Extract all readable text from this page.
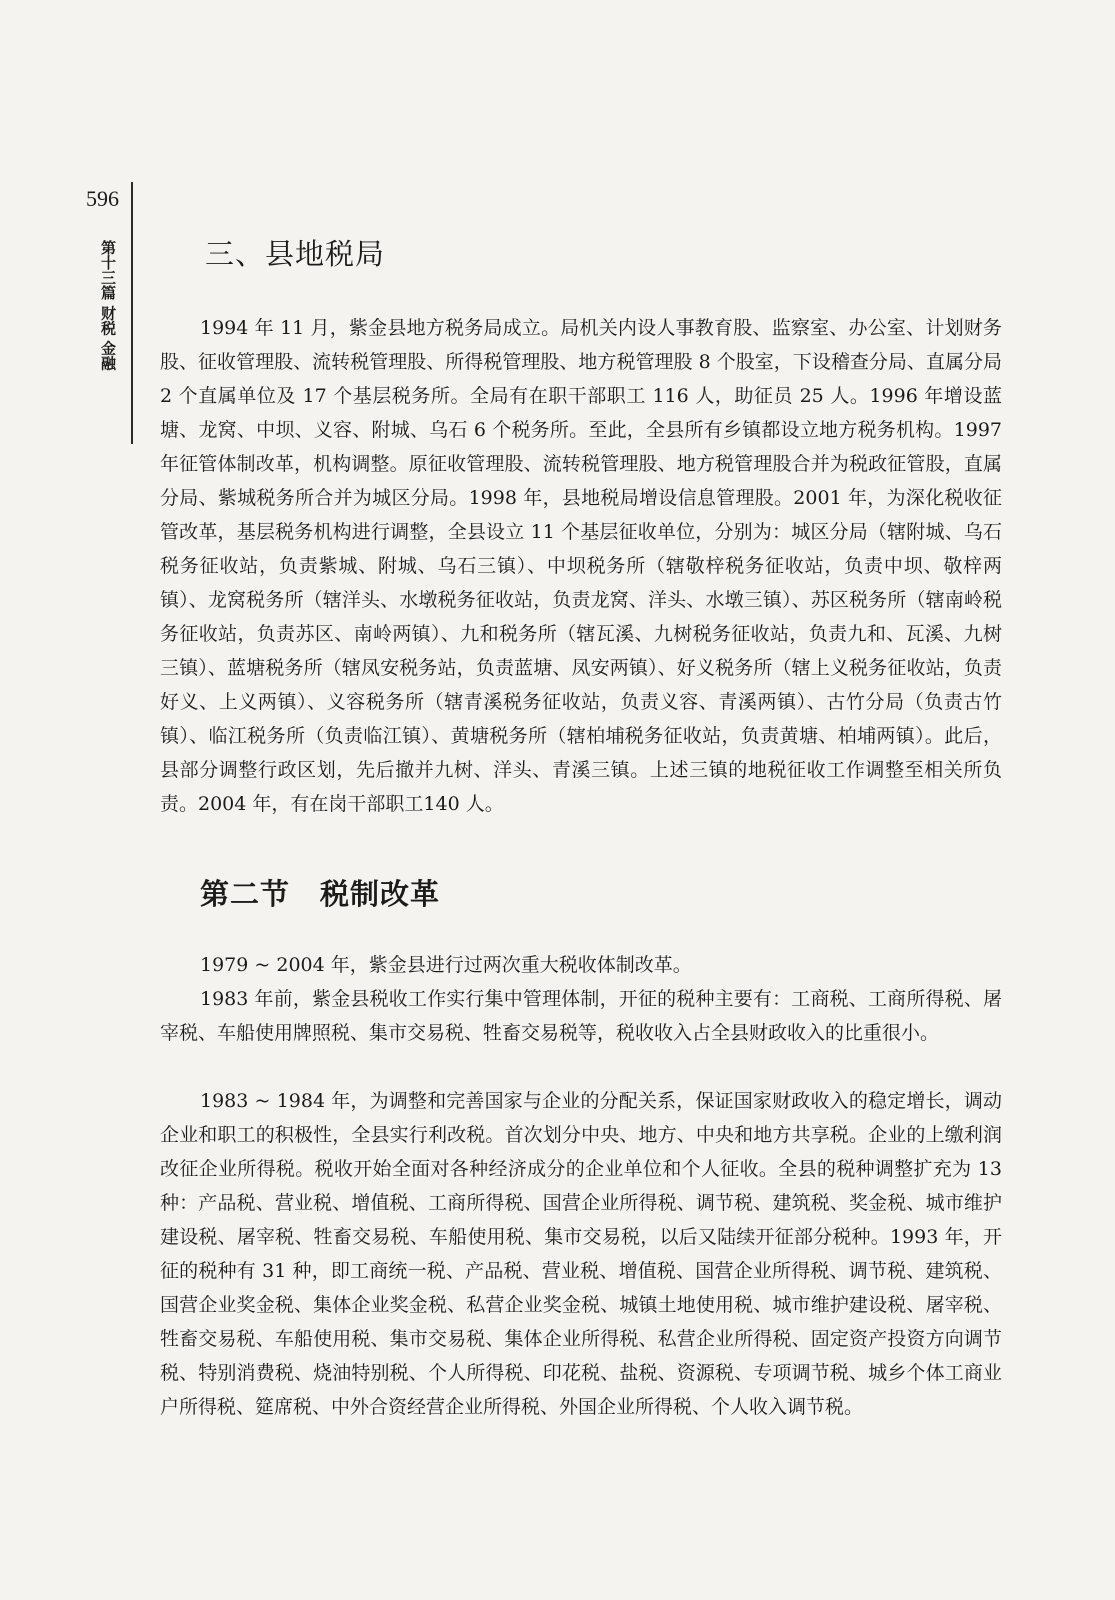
596
第十三篇 财税 金融	三、县地税局

1994 年 11 月，紫金县地方税务局成立。局机关内设人事教育股、监察室、办公室、计划财务股、征收管理股、流转税管理股、所得税管理股、地方税管理股 8 个股室，下设稽查分局、直属分局 2 个直属单位及 17 个基层税务所。全局有在职干部职工 116 人，助征员 25 人。1996 年增设蓝塘、龙窝、中坝、义容、附城、乌石 6 个税务所。至此，全县所有乡镇都设立地方税务机构。1997 年征管体制改革，机构调整。原征收管理股、流转税管理股、地方税管理股合并为税政征管股，直属分局、紫城税务所合并为城区分局。1998 年，县地税局增设信息管理股。2001 年，为深化税收征管改革，基层税务机构进行调整，全县设立 11 个基层征收单位，分别为：城区分局（辖附城、乌石税务征收站，负责紫城、附城、乌石三镇）、中坝税务所（辖敬梓税务征收站，负责中坝、敬梓两镇）、龙窝税务所（辖洋头、水墩税务征收站，负责龙窝、洋头、水墩三镇）、苏区税务所（辖南岭税务征收站，负责苏区、南岭两镇）、九和税务所（辖瓦溪、九树税务征收站，负责九和、瓦溪、九树三镇）、蓝塘税务所（辖凤安税务站，负责蓝塘、凤安两镇）、好义税务所（辖上义税务征收站，负责好义、上义两镇）、义容税务所（辖青溪税务征收站，负责义容、青溪两镇）、古竹分局（负责古竹镇）、临江税务所（负责临江镇）、黄塘税务所（辖柏埔税务征收站，负责黄塘、柏埔两镇）。此后，县部分调整行政区划，先后撤并九树、洋头、青溪三镇。上述三镇的地税征收工作调整至相关所负责。2004 年，有在岗干部职工140 人。

第二节　税制改革

1979 ~ 2004 年，紫金县进行过两次重大税收体制改革。

1983 年前，紫金县税收工作实行集中管理体制，开征的税种主要有：工商税、工商所得税、屠宰税、车船使用牌照税、集市交易税、牲畜交易税等，税收收入占全县财政收入的比重很小。

1983 ~ 1984 年，为调整和完善国家与企业的分配关系，保证国家财政收入的稳定增长，调动企业和职工的积极性，全县实行利改税。首次划分中央、地方、中央和地方共享税。企业的上缴利润改征企业所得税。税收开始全面对各种经济成分的企业单位和个人征收。全县的税种调整扩充为 13 种：产品税、营业税、增值税、工商所得税、国营企业所得税、调节税、建筑税、奖金税、城市维护建设税、屠宰税、牲畜交易税、车船使用税、集市交易税，以后又陆续开征部分税种。1993 年，开征的税种有 31 种，即工商统一税、产品税、营业税、增值税、国营企业所得税、调节税、建筑税、国营企业奖金税、集体企业奖金税、私营企业奖金税、城镇土地使用税、城市维护建设税、屠宰税、牲畜交易税、车船使用税、集市交易税、集体企业所得税、私营企业所得税、固定资产投资方向调节税、特别消费税、烧油特别税、个人所得税、印花税、盐税、资源税、专项调节税、城乡个体工商业户所得税、筵席税、中外合资经营企业所得税、外国企业所得税、个人收入调节税。
